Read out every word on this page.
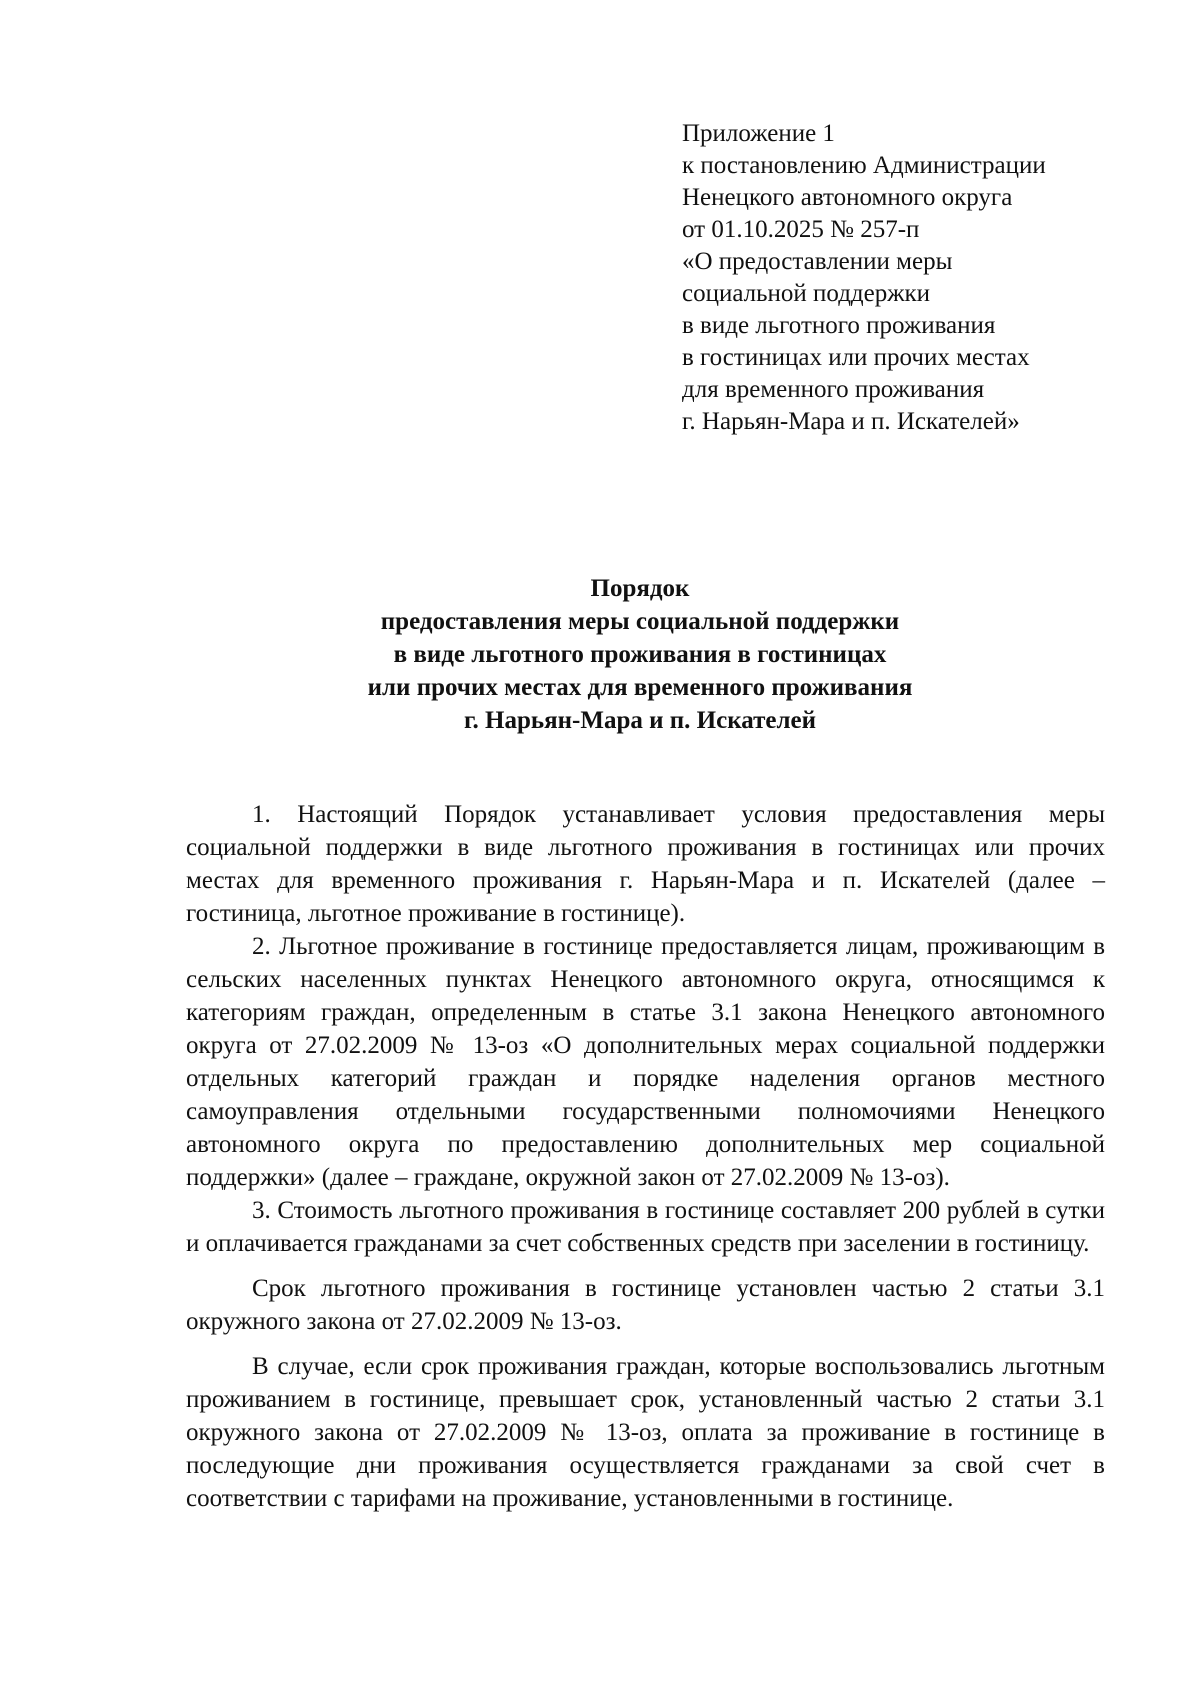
Приложение 1
к постановлению Администрации
Ненецкого автономного округа
от 01.10.2025 № 257-п
«О предоставлении меры
социальной поддержки
в виде льготного проживания
в гостиницах или прочих местах
для временного проживания
г. Нарьян-Мара и п. Искателей»
Порядок
предоставления меры социальной поддержки
в виде льготного проживания в гостиницах
или прочих местах для временного проживания
г. Нарьян-Мара и п. Искателей

1. Настоящий Порядок устанавливает условия предоставления меры социальной поддержки в виде льготного проживания в гостиницах или прочих местах для временного проживания г. Нарьян-Мара и п. Искателей (далее – гостиница, льготное проживание в гостинице).

2. Льготное проживание в гостинице предоставляется лицам, проживающим в сельских населенных пунктах Ненецкого автономного округа, относящимся к категориям граждан, определенным в статье 3.1 закона Ненецкого автономного округа от 27.02.2009 № 13-оз «О дополнительных мерах социальной поддержки отдельных категорий граждан и порядке наделения органов местного самоуправления отдельными государственными полномочиями Ненецкого автономного округа по предоставлению дополнительных мер социальной поддержки» (далее – граждане, окружной закон от 27.02.2009 № 13-оз).

3. Стоимость льготного проживания в гостинице составляет 200 рублей в сутки и оплачивается гражданами за счет собственных средств при заселении в гостиницу.

Срок льготного проживания в гостинице установлен частью 2 статьи 3.1 окружного закона от 27.02.2009 № 13-оз.

В случае, если срок проживания граждан, которые воспользовались льготным проживанием в гостинице, превышает срок, установленный частью 2 статьи 3.1 окружного закона от 27.02.2009 № 13-оз, оплата за проживание в гостинице в последующие дни проживания осуществляется гражданами за свой счет в соответствии с тарифами на проживание, установленными в гостинице.
